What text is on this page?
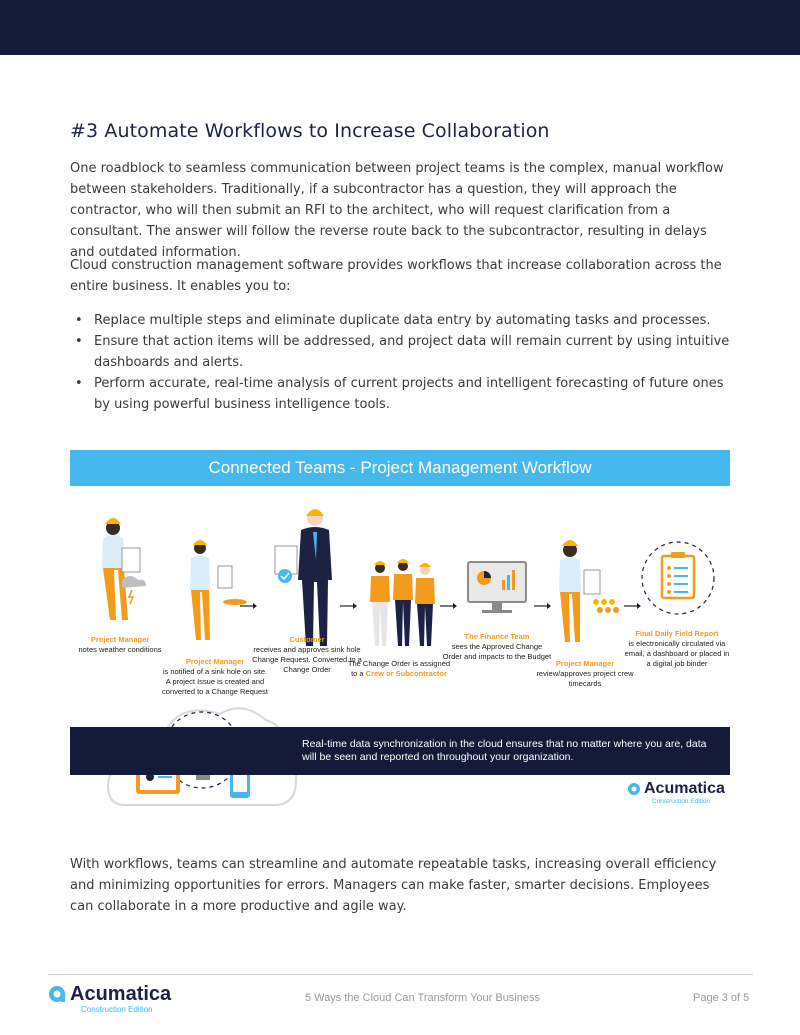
#3 Automate Workflows to Increase Collaboration

One roadblock to seamless communication between project teams is the complex, manual workflow between stakeholders. Traditionally, if a subcontractor has a question, they will approach the contractor, who will then submit an RFI to the architect, who will request clarification from a consultant. The answer will follow the reverse route back to the subcontractor, resulting in delays and outdated information.

Cloud construction management software provides workflows that increase collaboration across the entire business. It enables you to:

• Replace multiple steps and eliminate duplicate data entry by automating tasks and processes.
• Ensure that action items will be addressed, and project data will remain current by using intuitive dashboards and alerts.
• Perform accurate, real-time analysis of current projects and intelligent forecasting of future ones by using powerful business intelligence tools.
Connected Teams - Project Management Workflow
Project Manager
notes weather conditions
Project Manager
is notified of a sink hole on site. A project Issue is created and converted to a Change Request
Customer
receives and approves sink hole Change Request. Converted to a Change Order
The Change Order is assigned to a Crew or Subcontractor
The Finance Team
sees the Approved Change Order and impacts to the Budget
Project Manager
review/approves project crew timecards
Final Daily Field Report
is electronically circulated via email, a dashboard or placed in a digital job binder

Real-time data synchronization in the cloud ensures that no matter where you are, data will be seen and reported on throughout your organization.

Acumatica
Construction Edition

With workflows, teams can streamline and automate repeatable tasks, increasing overall efficiency and minimizing opportunities for errors. Managers can make faster, smarter decisions. Employees can collaborate in a more productive and agile way.

Acumatica
Construction Edition
5 Ways the Cloud Can Transform Your Business	Page 3 of 5
